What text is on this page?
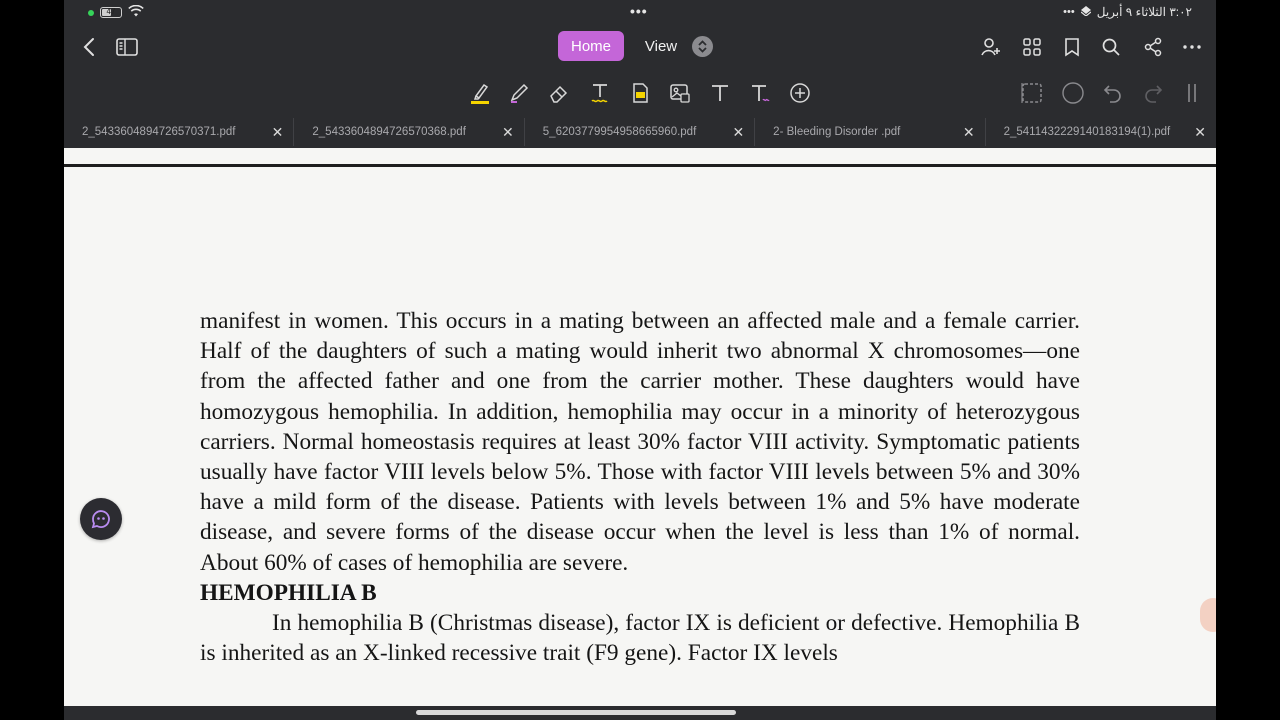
47	•••	••• ٣:٠٢ الثلاثاء ٩ أبريل
Home	View
2_5433604894726570371.pdf	✕	2_5433604894726570368.pdf	✕	5_6203779954958665960.pdf	✕	2- Bleeding Disorder .pdf	✕	2_5411432229140183194(1).pdf ✕

manifest in women. This occurs in a mating between an affected male and a female carrier. Half of the daughters of such a mating would inherit two abnormal X chromosomes—one from the affected father and one from the carrier mother. These daughters would have homozygous hemophilia. In addition, hemophilia may occur in a minority of heterozygous carriers. Normal homeostasis requires at least 30% factor VIII activity. Symptomatic patients usually have factor VIII levels below 5%. Those with factor VIII levels between 5% and 30% have a mild form of the disease. Patients with levels between 1% and 5% have moderate disease, and severe forms of the disease occur when the level is less than 1% of normal. About 60% of cases of hemophilia are severe.

HEMOPHILIA B

In hemophilia B (Christmas disease), factor IX is deficient or defective. Hemophilia B is inherited as an X-linked recessive trait (F9 gene). Factor IX levels
